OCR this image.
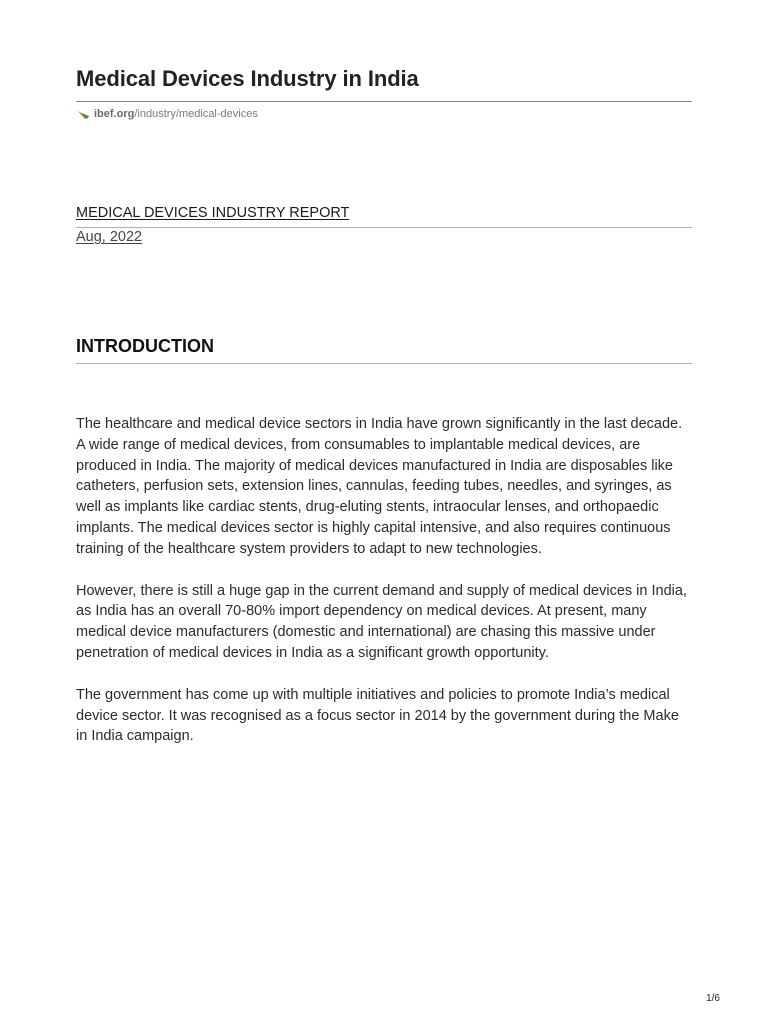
Medical Devices Industry in India
ibef.org /industry/medical-devices
MEDICAL DEVICES INDUSTRY REPORT
Aug, 2022
INTRODUCTION

The healthcare and medical device sectors in India have grown significantly in the last decade. A wide range of medical devices, from consumables to implantable medical devices, are produced in India. The majority of medical devices manufactured in India are disposables like catheters, perfusion sets, extension lines, cannulas, feeding tubes, needles, and syringes, as well as implants like cardiac stents, drug-eluting stents, intraocular lenses, and orthopaedic implants. The medical devices sector is highly capital intensive, and also requires continuous training of the healthcare system providers to adapt to new technologies.

However, there is still a huge gap in the current demand and supply of medical devices in India, as India has an overall 70-80% import dependency on medical devices. At present, many medical device manufacturers (domestic and international) are chasing this massive under penetration of medical devices in India as a significant growth opportunity.

The government has come up with multiple initiatives and policies to promote India’s medical device sector. It was recognised as a focus sector in 2014 by the government during the Make in India campaign.

1/6
